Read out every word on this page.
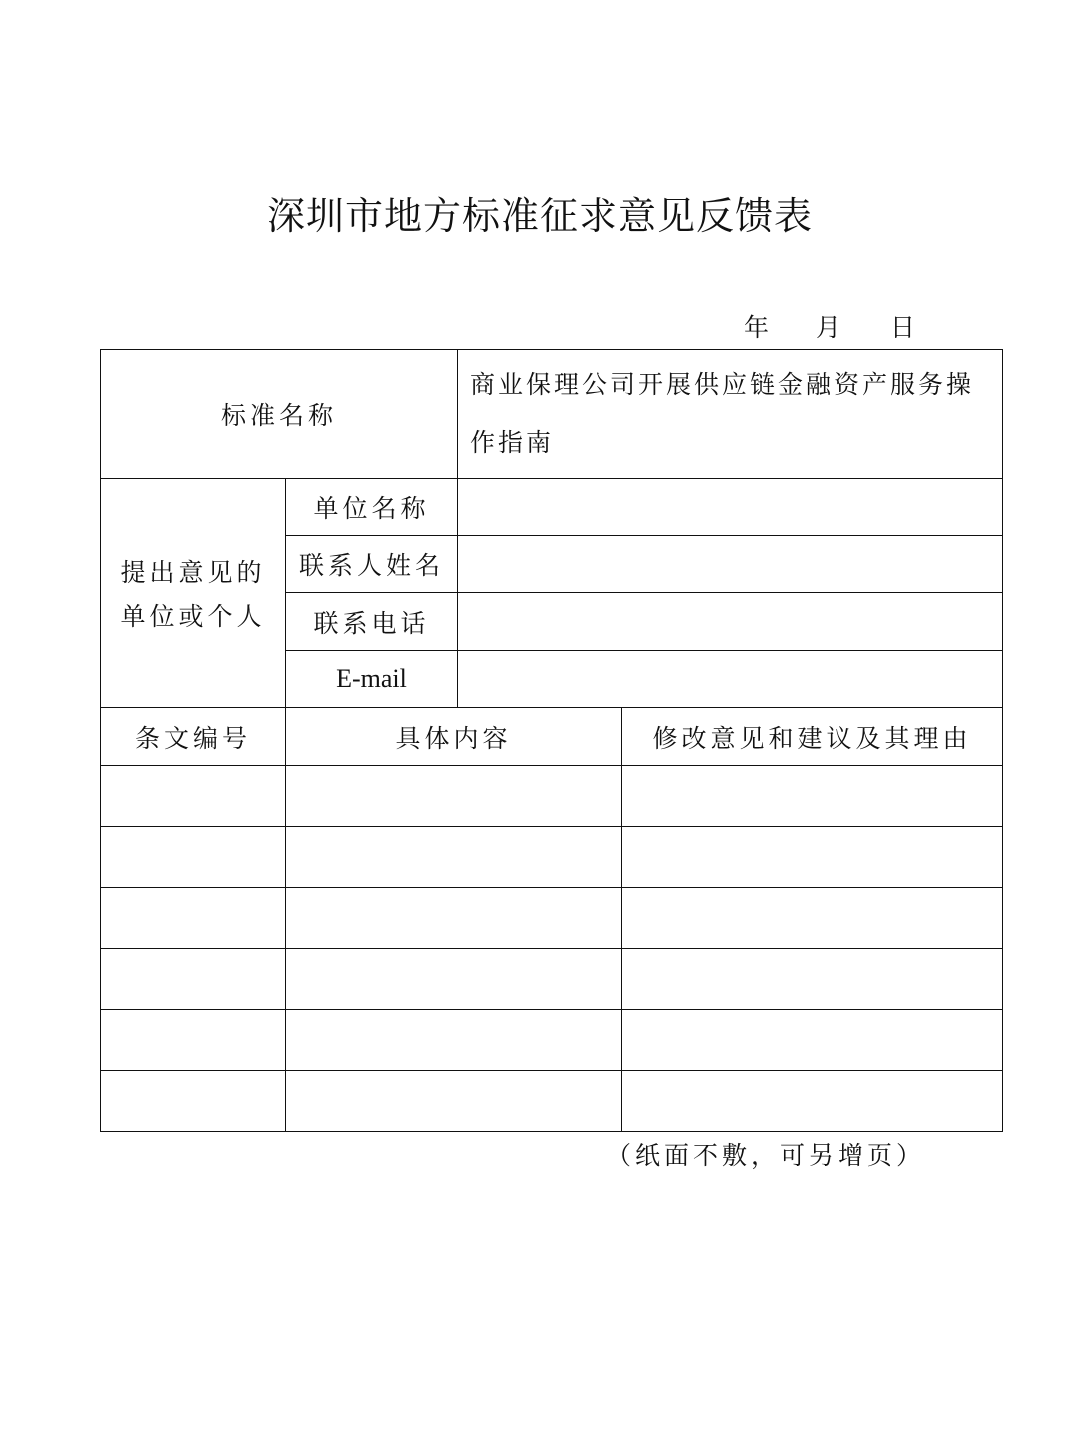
深圳市地方标准征求意见反馈表
年 月 日
标准名称		商业保理公司开展供应链金融资产服务操
作指南	
提出意见的
单位或个人	单位名称		
	联系人姓名		
	联系电话		
	E-mail		
条文编号	具体内容		修改意见和建议及其理由

（纸面不敷，可另增页）
